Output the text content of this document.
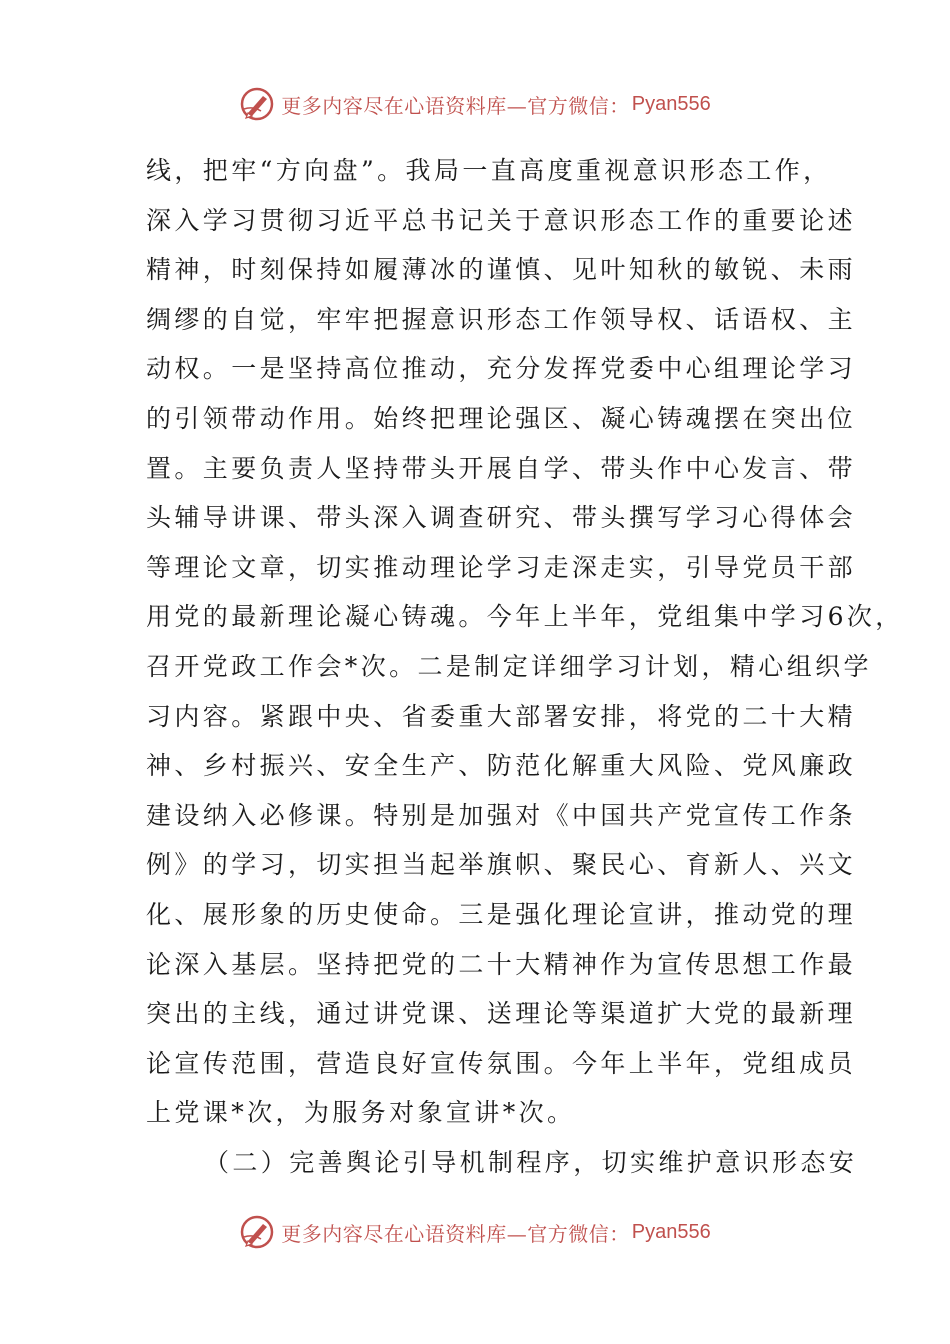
更多内容尽在心语资料库—官方微信： Pyan556
线，把牢“方向盘”。我局一直高度重视意识形态工作，
深入学习贯彻习近平总书记关于意识形态工作的重要论述
精神，时刻保持如履薄冰的谨慎、见叶知秋的敏锐、未雨
绸缪的自觉，牢牢把握意识形态工作领导权、话语权、主
动权。一是坚持高位推动，充分发挥党委中心组理论学习
的引领带动作用。始终把理论强区、凝心铸魂摆在突出位
置。主要负责人坚持带头开展自学、带头作中心发言、带
头辅导讲课、带头深入调查研究、带头撰写学习心得体会
等理论文章，切实推动理论学习走深走实，引导党员干部
用党的最新理论凝心铸魂。今年上半年，党组集中学习6次，
召开党政工作会*次。二是制定详细学习计划，精心组织学
习内容。紧跟中央、省委重大部署安排，将党的二十大精
神、乡村振兴、安全生产、防范化解重大风险、党风廉政
建设纳入必修课。特别是加强对《中国共产党宣传工作条
例》的学习，切实担当起举旗帜、聚民心、育新人、兴文
化、展形象的历史使命。三是强化理论宣讲，推动党的理
论深入基层。坚持把党的二十大精神作为宣传思想工作最
突出的主线，通过讲党课、送理论等渠道扩大党的最新理
论宣传范围，营造良好宣传氛围。今年上半年，党组成员
上党课*次，为服务对象宣讲*次。
（二）完善舆论引导机制程序，切实维护意识形态安
更多内容尽在心语资料库—官方微信： Pyan556
